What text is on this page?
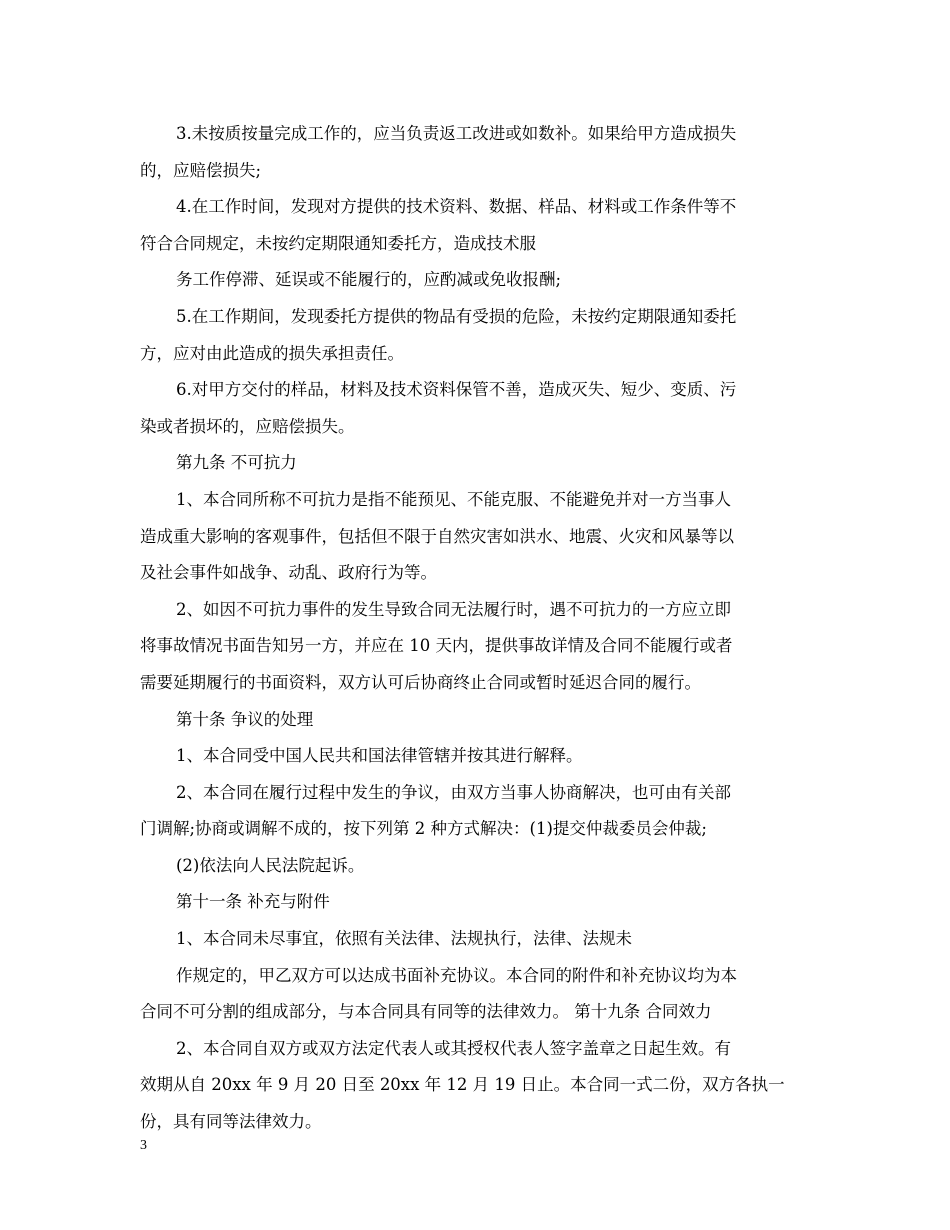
3.未按质按量完成工作的，应当负责返工改进或如数补。如果给甲方造成损失
的，应赔偿损失;
4.在工作时间，发现对方提供的技术资料、数据、样品、材料或工作条件等不
符合合同规定，未按约定期限通知委托方，造成技术服
务工作停滞、延误或不能履行的，应酌减或免收报酬;
5.在工作期间，发现委托方提供的物品有受损的危险，未按约定期限通知委托
方，应对由此造成的损失承担责任。
6.对甲方交付的样品，材料及技术资料保管不善，造成灭失、短少、变质、污
染或者损坏的，应赔偿损失。
第九条 不可抗力
1、本合同所称不可抗力是指不能预见、不能克服、不能避免并对一方当事人
造成重大影响的客观事件，包括但不限于自然灾害如洪水、地震、火灾和风暴等以
及社会事件如战争、动乱、政府行为等。
2、如因不可抗力事件的发生导致合同无法履行时，遇不可抗力的一方应立即
将事故情况书面告知另一方，并应在 10 天内，提供事故详情及合同不能履行或者
需要延期履行的书面资料，双方认可后协商终止合同或暂时延迟合同的履行。
第十条 争议的处理
1、本合同受中国人民共和国法律管辖并按其进行解释。
2、本合同在履行过程中发生的争议，由双方当事人协商解决，也可由有关部
门调解;协商或调解不成的，按下列第 2 种方式解决：(1)提交仲裁委员会仲裁;
(2)依法向人民法院起诉。
第十一条 补充与附件
1、本合同未尽事宜，依照有关法律、法规执行，法律、法规未
作规定的，甲乙双方可以达成书面补充协议。本合同的附件和补充协议均为本
合同不可分割的组成部分，与本合同具有同等的法律效力。 第十九条 合同效力
2、本合同自双方或双方法定代表人或其授权代表人签字盖章之日起生效。有
效期从自 20xx 年 9 月 20 日至 20xx 年 12 月 19 日止。本合同一式二份，双方各执一
份，具有同等法律效力。
3
